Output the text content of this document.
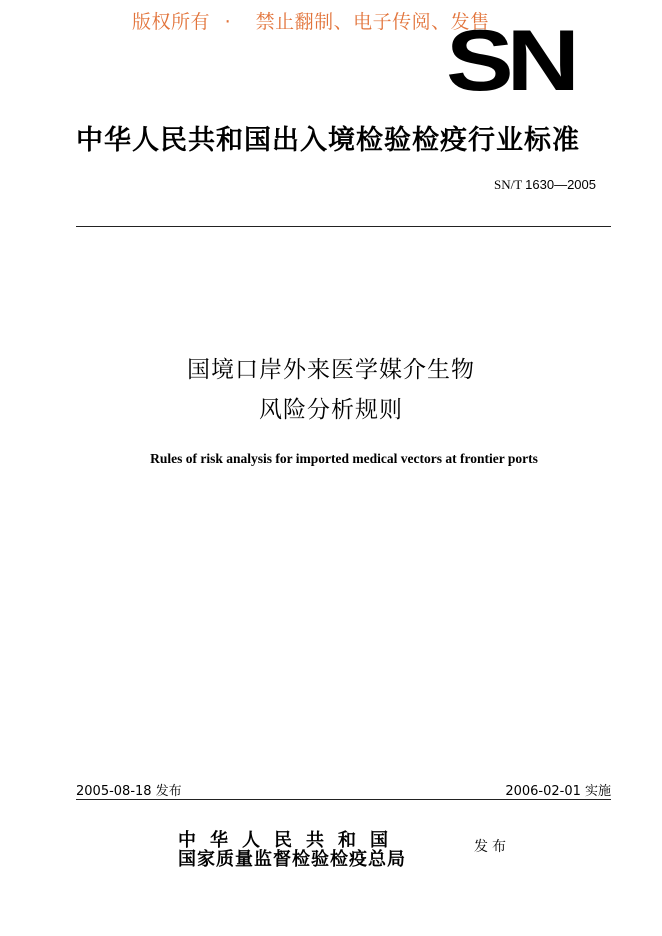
版权所有 · 禁止翻制、电子传阅、发售
SN
中华人民共和国出入境检验检疫行业标准
SN/T 1630—2005
国境口岸外来医学媒介生物
风险分析规则
Rules of risk analysis for imported medical vectors at frontier ports
2005-08-18 发布	2006-02-01 实施
中华人民共和国
国家质量监督检验检疫总局
发布
